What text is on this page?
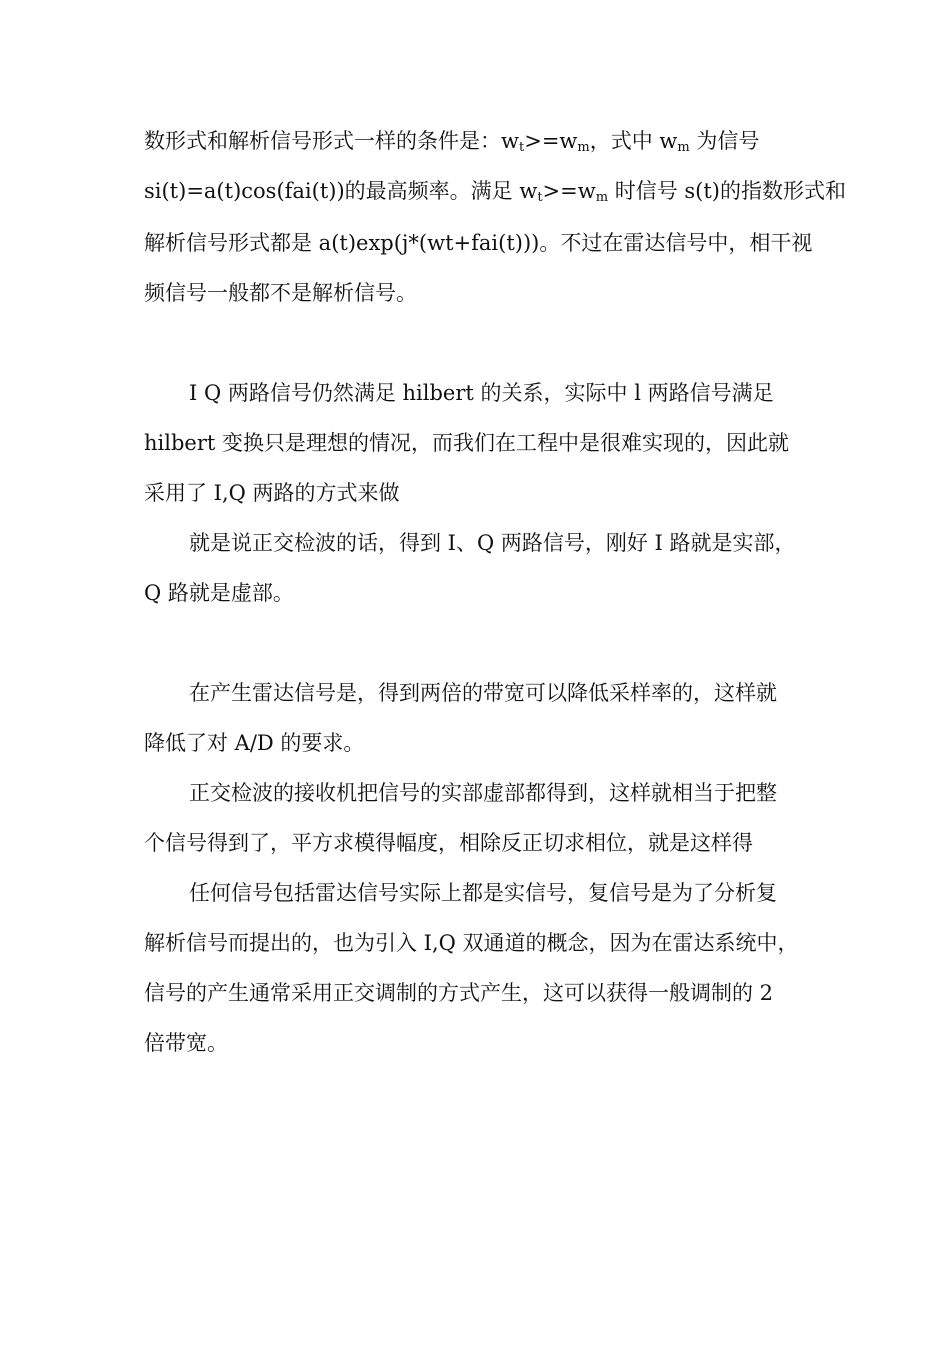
数形式和解析信号形式一样的条件是：$w_t>=w_m$，式中 $w_m$ 为信号

si(t)=a(t)cos(fai(t))的最高频率。满足 $w_t>=w_m$ 时信号 s(t)的指数形式和

解析信号形式都是 a(t)exp(j*(wt+fai(t)))。不过在雷达信号中，相干视

频信号一般都不是解析信号。

I Q 两路信号仍然满足 hilbert 的关系，实际中 l 两路信号满足

hilbert 变换只是理想的情况，而我们在工程中是很难实现的，因此就

采用了 I,Q 两路的方式来做

就是说正交检波的话，得到 I、Q 两路信号，刚好 I 路就是实部，

Q 路就是虚部。

在产生雷达信号是，得到两倍的带宽可以降低采样率的，这样就

降低了对 A/D 的要求。

正交检波的接收机把信号的实部虚部都得到，这样就相当于把整

个信号得到了，平方求模得幅度，相除反正切求相位，就是这样得

任何信号包括雷达信号实际上都是实信号，复信号是为了分析复

解析信号而提出的，也为引入 I,Q 双通道的概念，因为在雷达系统中，

信号的产生通常采用正交调制的方式产生，这可以获得一般调制的 2

倍带宽。
